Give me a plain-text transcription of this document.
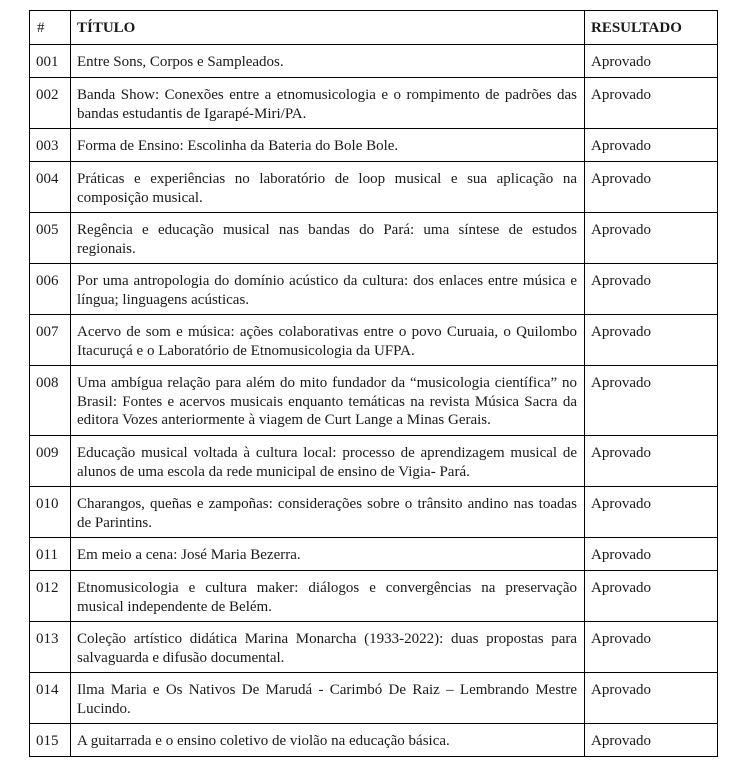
#	TÍTULO	RESULTADO
001	Entre Sons, Corpos e Sampleados.	Aprovado
002	Banda Show: Conexões entre a etnomusicologia e o rompimento de padrões das bandas estudantis de Igarapé-Miri/PA.	Aprovado
003	Forma de Ensino: Escolinha da Bateria do Bole Bole.	Aprovado
004	Práticas e experiências no laboratório de loop musical e sua aplicação na composição musical.	Aprovado
005	Regência e educação musical nas bandas do Pará: uma síntese de estudos regionais.	Aprovado
006	Por uma antropologia do domínio acústico da cultura: dos enlaces entre música e língua; linguagens acústicas.	Aprovado
007	Acervo de som e música: ações colaborativas entre o povo Curuaia, o Quilombo Itacuruçá e o Laboratório de Etnomusicologia da UFPA.	Aprovado
008	Uma ambígua relação para além do mito fundador da “musicologia científica” no Brasil: Fontes e acervos musicais enquanto temáticas na revista Música Sacra da editora Vozes anteriormente à viagem de Curt Lange a Minas Gerais.	Aprovado
009	Educação musical voltada à cultura local: processo de aprendizagem musical de alunos de uma escola da rede municipal de ensino de Vigia- Pará.	Aprovado
010	Charangos, queñas e zampoñas: considerações sobre o trânsito andino nas toadas de Parintins.	Aprovado
011	Em meio a cena: José Maria Bezerra.	Aprovado
012	Etnomusicologia e cultura maker: diálogos e convergências na preservação musical independente de Belém.	Aprovado
013	Coleção artístico didática Marina Monarcha (1933-2022): duas propostas para salvaguarda e difusão documental.	Aprovado
014	Ilma Maria e Os Nativos De Marudá - Carimbó De Raiz – Lembrando Mestre Lucindo.	Aprovado
015	A guitarrada e o ensino coletivo de violão na educação básica.	Aprovado
